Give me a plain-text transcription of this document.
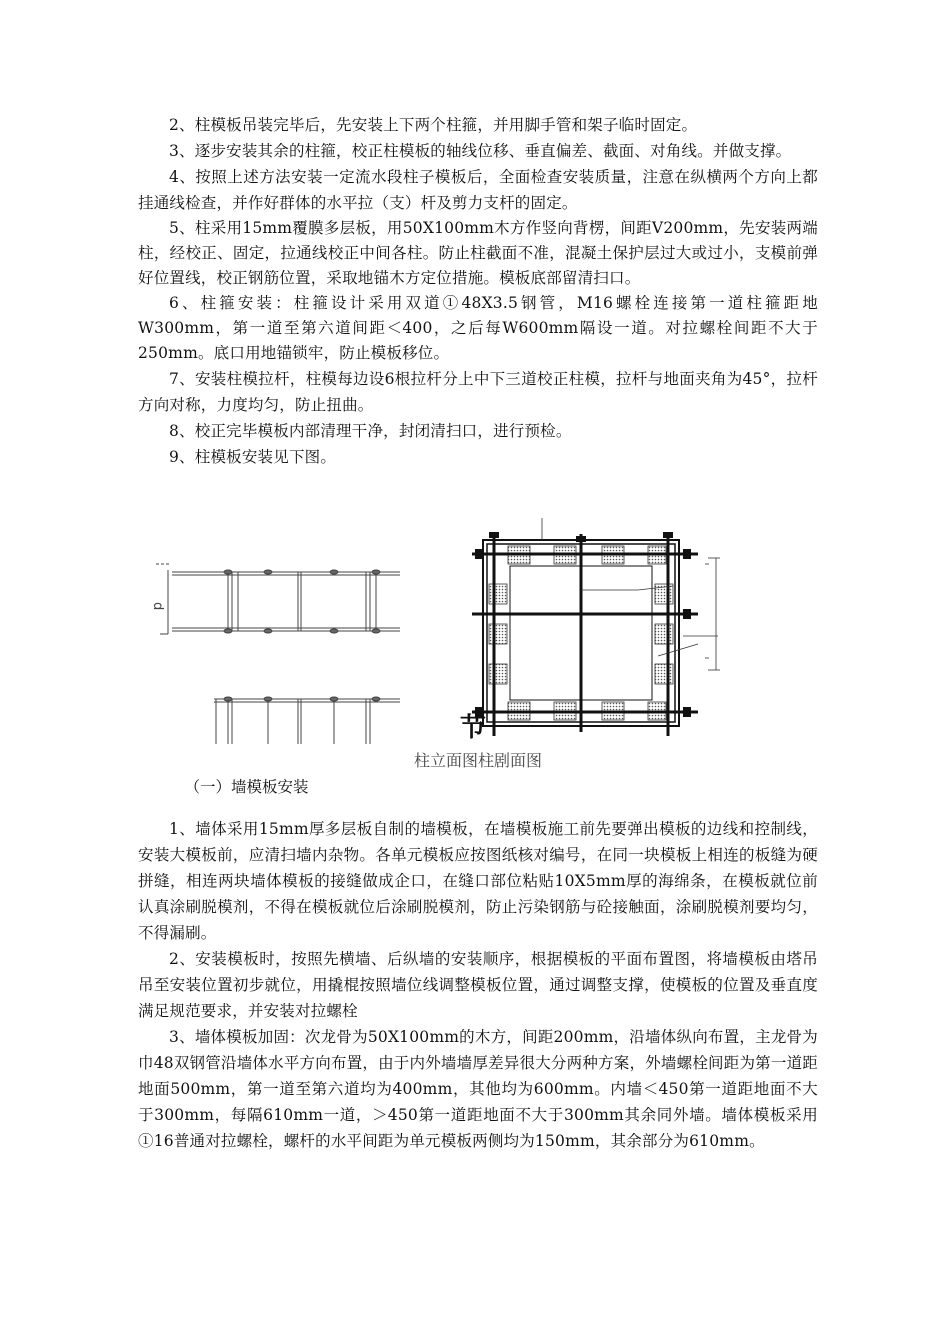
2、柱模板吊装完毕后，先安装上下两个柱箍，并用脚手管和架子临时固定。

3、逐步安装其余的柱箍，校正柱模板的轴线位移、垂直偏差、截面、对角线。并做支撑。

4、按照上述方法安装一定流水段柱子模板后，全面检查安装质量，注意在纵横两个方向上都挂通线检查，并作好群体的水平拉（支）杆及剪力支杆的固定。

5、柱采用15mm覆膜多层板，用50X100mm木方作竖向背楞，间距V200mm，先安装两端柱，经校正、固定，拉通线校正中间各柱。防止柱截面不准，混凝土保护层过大或过小，支模前弹好位置线，校正钢筋位置，采取地锚木方定位措施。模板底部留清扫口。

6、柱箍安装：柱箍设计采用双道①48X3.5钢管，M16螺栓连接第一道柱箍距地W300mm，第一道至第六道间距＜400，之后每W600mm隔设一道。对拉螺栓间距不大于250mm。底口用地锚锁牢，防止模板移位。

7、安装柱模拉杆，柱模每边设6根拉杆分上中下三道校正柱模，拉杆与地面夹角为45°，拉杆方向对称，力度均匀，防止扭曲。

8、校正完毕模板内部清理干净，封闭清扫口，进行预检。

9、柱模板安装见下图。

d
节
柱立面图柱剧面图

（一）墙模板安装

1、墙体采用15mm厚多层板自制的墙模板，在墙模板施工前先要弹出模板的边线和控制线，安装大模板前，应清扫墙内杂物。各单元模板应按图纸核对编号，在同一块模板上相连的板缝为硬拼缝，相连两块墙体模板的接缝做成企口，在缝口部位粘贴10X5mm厚的海绵条，在模板就位前认真涂刷脱模剂，不得在模板就位后涂刷脱模剂，防止污染钢筋与砼接触面，涂刷脱模剂要均匀，不得漏刷。

2、安装模板时，按照先横墙、后纵墙的安装顺序，根据模板的平面布置图，将墙模板由塔吊吊至安装位置初步就位，用撬棍按照墙位线调整模板位置，通过调整支撑，使模板的位置及垂直度满足规范要求，并安装对拉螺栓

3、墙体模板加固：次龙骨为50X100mm的木方，间距200mm，沿墙体纵向布置，主龙骨为巾48双钢管沿墙体水平方向布置，由于内外墙墙厚差异很大分两种方案，外墙螺栓间距为第一道距地面500mm，第一道至第六道均为400mm，其他均为600mm。内墙＜450第一道距地面不大于300mm，每隔610mm一道，＞450第一道距地面不大于300mm其余同外墙。墙体模板采用①16普通对拉螺栓，螺杆的水平间距为单元模板两侧均为150mm，其余部分为610mm。
